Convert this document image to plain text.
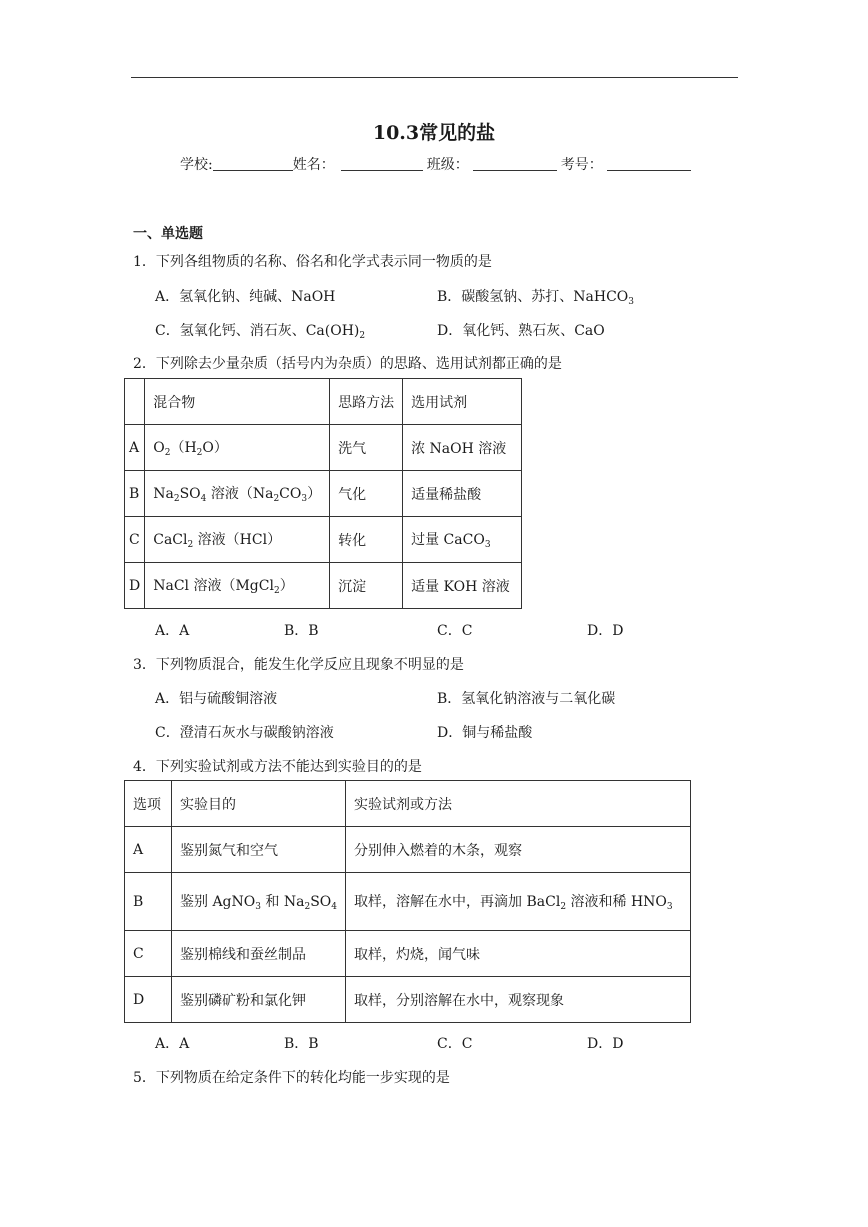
10.3常见的盐
学校:	姓名：	班级：	考号：
一、单选题
1．下列各组物质的名称、俗名和化学式表示同一物质的是
A．氢氧化钠、纯碱、NaOH	B．碳酸氢钠、苏打、NaHCO$_3$
C．氢氧化钙、消石灰、$Ca(OH)_2$	D．氧化钙、熟石灰、CaO
2．下列除去少量杂质（括号内为杂质）的思路、选用试剂都正确的是
	混合物	思路方法	选用试剂
A	$O_2(H_2O)$	洗气	浓 NaOH 溶液
B	$Na_2SO_4$ 溶液$(Na_2CO_3)$	气化	适量稀盐酸
C	CaCl$_2$ 溶液（HCl）	转化	过量 CaCO$_3$
D	NaCl 溶液（MgCl$_2$）	沉淀	适量 KOH 溶液
A．A	B．B	C．C	D．D
3．下列物质混合，能发生化学反应且现象不明显的是
A．铝与硫酸铜溶液	B．氢氧化钠溶液与二氧化碳
C．澄清石灰水与碳酸钠溶液	D．铜与稀盐酸
4．下列实验试剂或方法不能达到实验目的的是
选项	实验目的	实验试剂或方法
A	鉴别氮气和空气	分别伸入燃着的木条，观察
B	鉴别 AgNO$_3$ 和 $Na_2SO_4$	取样，溶解在水中，再滴加 BaCl$_2$ 溶液和稀 $HNO_3$
C	鉴别棉线和蚕丝制品	取样，灼烧，闻气味
D	鉴别磷矿粉和氯化钾	取样，分别溶解在水中，观察现象
A．A	B．B	C．C	D．D
5．下列物质在给定条件下的转化均能一步实现的是
